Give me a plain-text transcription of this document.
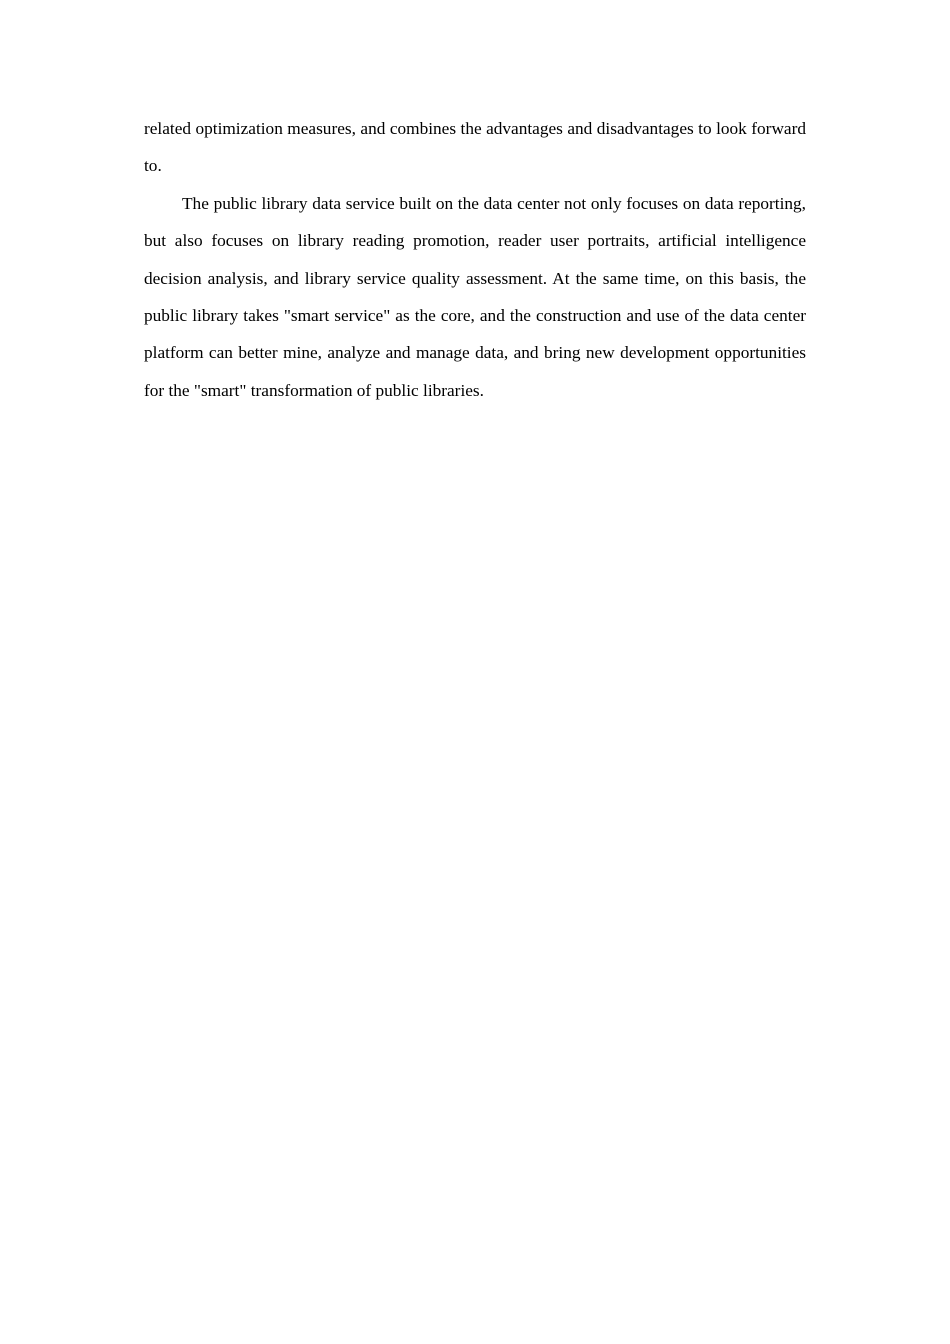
related optimization measures, and combines the advantages and disadvantages to look forward to.

The public library data service built on the data center not only focuses on data reporting, but also focuses on library reading promotion, reader user portraits, artificial intelligence decision analysis, and library service quality assessment. At the same time, on this basis, the public library takes "smart service" as the core, and the construction and use of the data center platform can better mine, analyze and manage data, and bring new development opportunities for the "smart" transformation of public libraries.
